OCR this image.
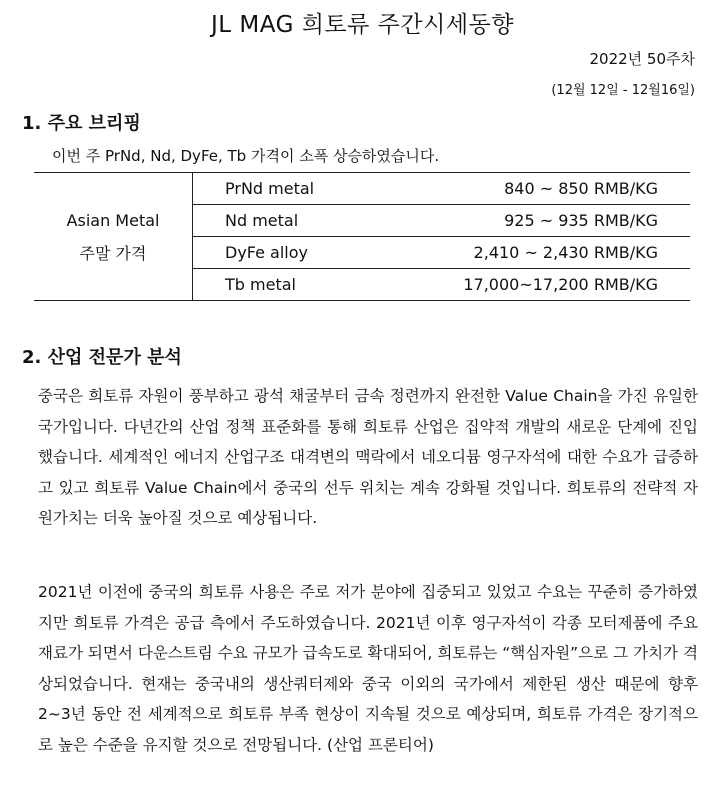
JL MAG 희토류 주간시세동향
2022년 50주차
(12월 12일 - 12월16일)
1. 주요 브리핑
이번 주 PrNd, Nd, DyFe, Tb 가격이 소폭 상승하였습니다.
Asian Metal
주말 가격	PrNd metal	840 ~ 850 RMB/KG
	Nd metal	925 ~ 935 RMB/KG
	DyFe alloy	2,410 ~ 2,430 RMB/KG
	Tb metal	17,000~17,200 RMB/KG
2. 산업 전문가 분석
중국은 희토류 자원이 풍부하고 광석 채굴부터 금속 정련까지 완전한 Value Chain을 가진 유일한 국가입니다. 다년간의 산업 정책 표준화를 통해 희토류 산업은 집약적 개발의 새로운 단계에 진입했습니다. 세계적인 에너지 산업구조 대격변의 맥락에서 네오디뮴 영구자석에 대한 수요가 급증하고 있고 희토류 Value Chain에서 중국의 선두 위치는 계속 강화될 것입니다. 희토류의 전략적 자원가치는 더욱 높아질 것으로 예상됩니다.
2021년 이전에 중국의 희토류 사용은 주로 저가 분야에 집중되고 있었고 수요는 꾸준히 증가하였지만 희토류 가격은 공급 측에서 주도하였습니다. 2021년 이후 영구자석이 각종 모터제품에 주요 재료가 되면서 다운스트림 수요 규모가 급속도로 확대되어, 희토류는 “핵심자원”으로 그 가치가 격상되었습니다. 현재는 중국내의 생산쿼터제와 중국 이외의 국가에서 제한된 생산 때문에 향후 2~3년 동안 전 세계적으로 희토류 부족 현상이 지속될 것으로 예상되며, 희토류 가격은 장기적으로 높은 수준을 유지할 것으로 전망됩니다. (산업 프론티어)
